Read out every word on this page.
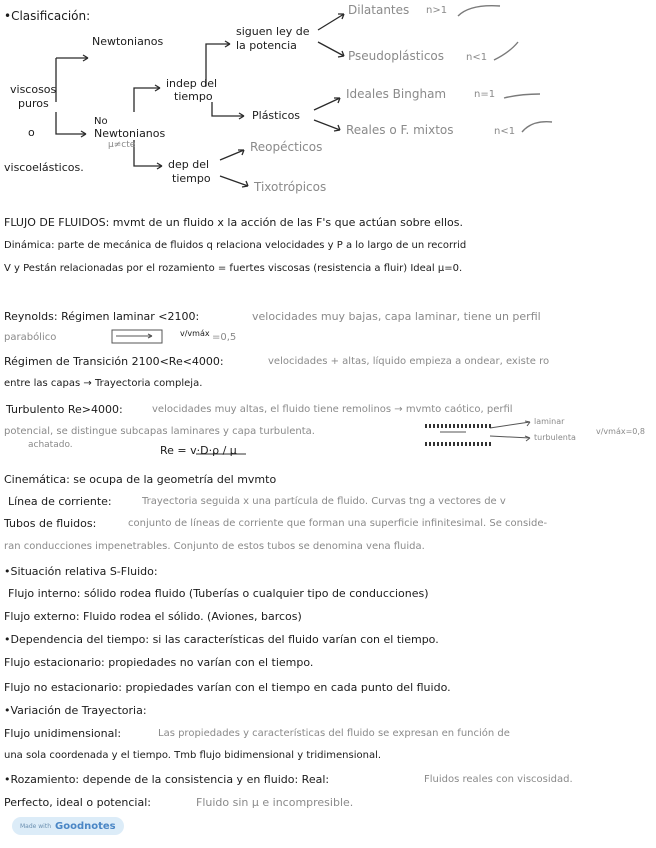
•Clasificación:
viscosos
puros
o
viscoelásticos.
Newtonianos
No
Newtonianos
μ≠cte
indep del
tiempo
dep del
tiempo
siguen ley de
la potencia
Plásticos
Dilatantes n>1
Pseudoplásticos n<1
Ideales Bingham	n=1
Reales o F. mixtos	n<1
Reopécticos
Tixotrópicos
FLUJO DE FLUIDOS: mvmt de un fluido x la acción de las F's que actúan sobre ellos.
Dinámica: parte de mecánica de fluidos q relaciona velocidades y P a lo largo de un recorrid
V y Pestán relacionadas por el rozamiento = fuertes viscosas (resistencia a fluir) Ideal μ=0.
Reynolds: Régimen laminar <2100:	velocidades muy bajas, capa laminar, tiene un perfil
parabólico	v/vmáx =0,5
Régimen de Transición 2100<Re<4000:	velocidades + altas, líquido empieza a ondear, existe ro
entre las capas → Trayectoria compleja.
Turbulento Re>4000:	velocidades muy altas, el fluido tiene remolinos → mvmto caótico, perfil
potencial, se distingue subcapas laminares y capa turbulenta.
achatado.	Re = v·D·ρ / μ
laminar
turbulenta
v/vmáx=0,8
Cinemática: se ocupa de la geometría del mvmto
Línea de corriente:	Trayectoria seguida x una partícula de fluido. Curvas tng a vectores de v
Tubos de fluidos:	conjunto de líneas de corriente que forman una superficie infinitesimal. Se conside-
ran conducciones impenetrables. Conjunto de estos tubos se denomina vena fluida.
•Situación relativa S-Fluido:
Flujo interno: sólido rodea fluido (Tuberías o cualquier tipo de conducciones)
Flujo externo: Fluido rodea el sólido. (Aviones, barcos)
•Dependencia del tiempo: si las características del fluido varían con el tiempo.
Flujo estacionario: propiedades no varían con el tiempo.
Flujo no estacionario: propiedades varían con el tiempo en cada punto del fluido.
•Variación de Trayectoria:
Flujo unidimensional:	Las propiedades y características del fluido se expresan en función de
una sola coordenada y el tiempo. Tmb flujo bidimensional y tridimensional.
•Rozamiento: depende de la consistencia y en fluido: Real:	Fluidos reales con viscosidad.
Perfecto, ideal o potencial:	Fluido sin μ e incompresible.
Made with Goodnotes
